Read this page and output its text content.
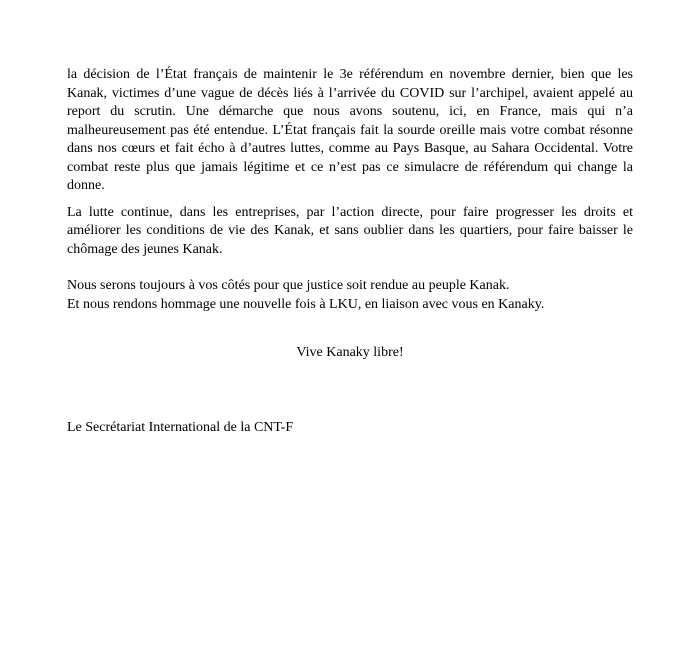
la décision de l’État français de maintenir le 3e référendum en novembre dernier, bien que les Kanak, victimes d’une vague de décès liés à l’arrivée du COVID sur l’archipel, avaient appelé au report du scrutin. Une démarche que nous avons soutenu, ici, en France, mais qui n’a malheureusement pas été entendue. L’État français fait la sourde oreille mais votre combat résonne dans nos cœurs et fait écho à d’autres luttes, comme au Pays Basque, au Sahara Occidental. Votre combat reste plus que jamais légitime et ce n’est pas ce simulacre de référendum qui change la donne.

La lutte continue, dans les entreprises, par l’action directe, pour faire progresser les droits et améliorer les conditions de vie des Kanak, et sans oublier dans les quartiers, pour faire baisser le chômage des jeunes Kanak.

Nous serons toujours à vos côtés pour que justice soit rendue au peuple Kanak.

Et nous rendons hommage une nouvelle fois à LKU, en liaison avec vous en Kanaky.

Vive Kanaky libre!

Le Secrétariat International de la CNT-F
